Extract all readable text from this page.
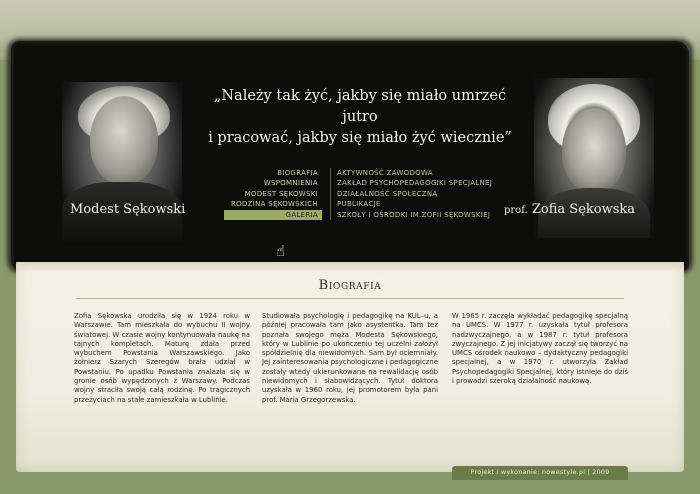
Modest Sękowski	prof. Zofia Sękowska
„Należy tak żyć, jakby się miało umrzeć jutro
i pracować, jakby się miało żyć wiecznie”
BIOGRAFIA
WSPOMNIENIA
MODEST SĘKOWSKI
RODZINA SĘKOWSKICH
GALERIA
AKTYWNOŚĆ ZAWODOWA
ZAKŁAD PSYCHOPEDAGOGIKI SPECJALNEJ
DZIAŁALNOŚĆ SPOŁECZNA
PUBLIKACJE
SZKOŁY I OŚRODKI IM.ZOFII SĘKOWSKIEJ
☝
Biografia
Zofia Sękowska urodziła się w 1924 roku w Warszawie. Tam mieszkała do wybuchu II wojny światowej. W czasie wojny kontynuowała naukę na tajnych kompletach. Maturę zdała przed wybuchem Powstania Warszawskiego. Jako żołnierz Szarych Szeregów brała udział w Powstaniu. Po upadku Powstania znalazła się w gronie osób wypędzonych z Warszawy. Podczas wojny straciła swoją całą rodzinę. Po tragicznych przeżyciach na stałe zamieszkała w Lublinie.
Studiowała psychologię i pedagogikę na KUL–u, a później pracowała tam jako asystentka. Tam też poznała swojego męża Modesta Sękowskiego, który w Lublinie po ukończeniu tej uczelni założył spółdzielnię dla niewidomych. Sam był ociemniały. Jej zainteresowania psychologiczne i pedagogiczne zostały wtedy ukierunkowane na rewalidację osób niewidomych i słabowidzących. Tytuł doktora uzyskała w 1960 roku, jej promotorem była pani prof. Maria Grzegorzewska.
W 1965 r. zaczęła wykładać pedagogikę specjalną na UMCS. W 1977 r. uzyskała tytuł profesora nadzwyczajnego, a w 1987 r. tytuł profesora zwyczajnego. Z jej inicjatywy zaczął się tworzyć na UMCS ośrodek naukowo – dydaktyczny pedagogiki specjalnej, a w 1970 r. utworzyła Zakład Psychopedagogiki Specjalnej, który istnieje do dziś i prowadzi szeroką działalność naukową.
Projekt i wykonanie: nowestyle.pl | 2009
